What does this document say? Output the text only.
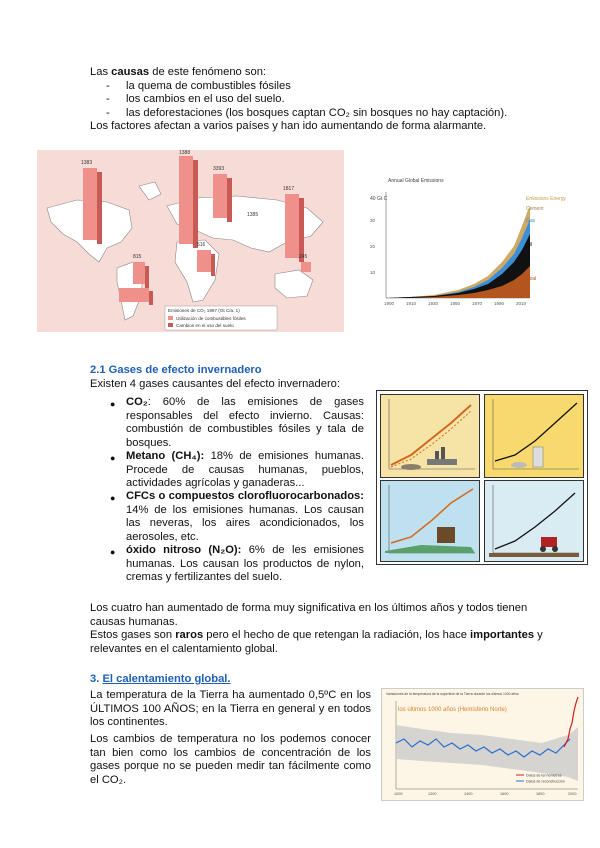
Las causas de este fenómeno son:
- la quema de combustibles fósiles
- los cambios en el uso del suelo.
- las deforestaciones (los bosques captan CO₂ sin bosques no hay captación).
Los factores afectan a varios países y han ido aumentando de forma alarmante.
1383
1388
3393
1385
815
516
1817
245
Emisiones de CO₂ 1997 (Gt C/a. 1)
Utilización de combustibles fósiles
Cambios en el uso del suelo
Annual Global Emissions
40 Gt C
30
20
10
1900	1910	1930	1950	1970	1990	2010
Emissions Energy
Cement
Gas
Oil
Coal
2.1 Gases de efecto invernadero
Existen 4 gases causantes del efecto invernadero:
● CO₂: 60% de las emisiones de gases responsables del efecto invierno. Causas: combustión de combustibles fósiles y tala de bosques.
● Metano (CH₄): 18% de emisiones humanas. Procede de causas humanas, pueblos, actividades agrícolas y ganaderas...
● CFCs o compuestos clorofluorocarbonados: 14% de los emisiones humanas. Los causan las neveras, los aires acondicionados, los aerosoles, etc.
● óxido nitroso (N₂O): 6% de les emisiones humanas. Los causan los productos de nylon, cremas y fertilizantes del suelo.
Los cuatro han aumentado de forma muy significativa en los últimos años y todos tienen causas humanas.
Estos gases son raros pero el hecho de que retengan la radiación, los hace importantes y relevantes en el calentamiento global.
3. El calentamiento global.
La temperatura de la Tierra ha aumentado 0,5ºC en los ÚLTIMOS 100 AÑOS; en la Tierra en general y en todos los continentes.
Los cambios de temperatura no los podemos conocer tan bien como los cambios de concentración de los gases porque no se pueden medir tan fácilmente como el CO₂.
Variaciones de la temperatura de la superficie de la Tierra durante los últimos 1000 años
los últimos 1000 años (Hemisferio Norte)
1000	1200	1400	1600	1800	2000
Datos de termómetros
Datos de reconstrucción
